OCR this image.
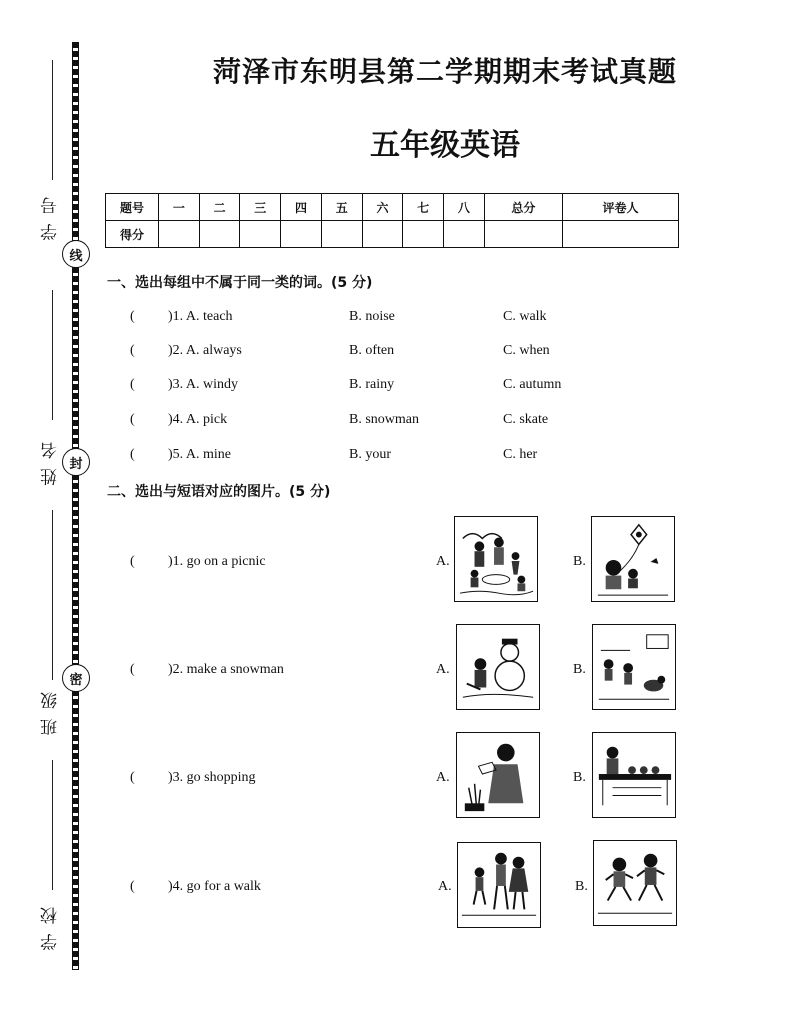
学 号
姓 名
班 级
学 校
线
封
密
菏泽市东明县第二学期期末考试真题
五年级英语
题号	一	二	三	四	五	六	七	八	总分	评卷人
得分										
一、选出每组中不属于同一类的词。(5 分)
( )1. A. teach	B. noise	C. walk
( )2. A. always	B. often	C. when
( )3. A. windy	B. rainy	C. autumn
( )4. A. pick	B. snowman	C. skate
( )5. A. mine	B. your	C. her
二、选出与短语对应的图片。(5 分)
( )1. go on a picnic	A.	B.
( )2. make a snowman	A.	B.
( )3. go shopping	A.	B.
( )4. go for a walk	A.	B.
